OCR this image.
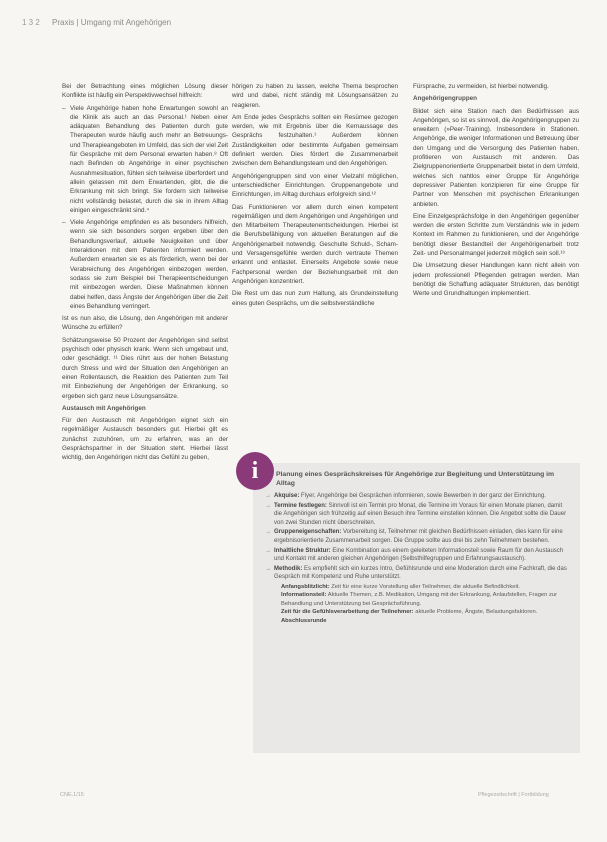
1 3 2 Praxis | Umgang mit Angehörigen

Bei der Betrachtung eines möglichen Lösung dieser Konflikte ist häufig ein Perspektivwechsel hilfreich:

– Viele Angehörige haben hohe Erwartungen sowohl an die Klinik als auch an das Personal.¹ Neben einer adäquaten Behandlung des Patienten durch gute Therapeuten wurde häufig auch mehr an Betreuungs- und Therapieangeboten im Umfeld, das sich der viel Zeit für Gespräche mit dem Personal erwarten haben.⁸ Oft nach Befinden ob Angehörige in einer psychischen Ausnahmesituation, fühlen sich teilweise überfordert und allein gelassen mit dem Erwartenden, gibt, die die Erkrankung mit sich bringt. Sie fordern sich teilweise nicht vollständig belastet, durch die sie in ihrem Alltag einigen eingeschränkt sind.⁴
– Viele Angehörige empfinden es als besonders hilfreich, wenn sie sich besonders sorgen ergeben über den Behandlungsverlauf, aktuelle Neuigkeiten und über Interaktionen mit dem Patienten informiert werden. Außerdem erwarten sie es als förderlich, wenn bei der Verabreichung des Angehörigen einbezogen werden, sodass sie zum Beispiel bei Therapieentscheidungen mit einbezogen werden. Diese Maßnahmen können dabei helfen, dass Ängste der Angehörigen über die Zeit eines Behandlung verringert.

Ist es nun also, die Lösung, den Angehörigen mit anderer Wünsche zu erfüllen?

Schätzungsweise 50 Prozent der Angehörigen sind selbst psychisch oder physisch krank. Wenn sich umgebaut und, oder geschädigt. ¹¹ Dies rührt aus der hohen Belastung durch Stress und wird der Situation den Angehörigen an einen Rollentausch, die Reaktion des Patienten zum Teil mit Einbeziehung der Angehörigen der Erkrankung, so ergeben sich ganz neue Lösungsansätze.

Austausch mit Angehörigen

Für den Austausch mit Angehörigen eignet sich ein regelmäßiger Austausch besonders gut. Hierbei gilt es zunächst zuzuhören, um zu erfahren, was an der Gesprächspartner in der Situation steht. Hierbei lässt wichtig, den Angehörigen nicht das Gefühl zu geben,

hörigen zu haben zu lassen, welche Thema besprochen wird und dabei, nicht ständig mit Lösungsansätzen zu reagieren.

Am Ende jedes Gesprächs sollten ein Resümee gezogen werden, wie mit Ergebnis über die Kernaussage des Gesprächs festzuhalten.¹ Außerdem können Zuständigkeiten oder bestimmte Aufgaben gemeinsam definiert werden. Dies fördert die Zusammenarbeit zwischen dem Behandlungsteam und den Angehörigen.

Angehörigengruppen sind von einer Vielzahl möglichen, unterschiedlicher Einrichtungen. Gruppenangebote und Einrichtungen, im Alltag durchaus erfolgreich sind.¹²

Das Funktionieren vor allem durch einen kompetent regelmäßigen und dem Angehörigen und Angehörigen und den Mitarbeitern Therapeutenentscheidungen. Hierbei ist die Berufsbefähigung von aktuellen Beratungen auf die Angehörigenarbeit notwendig. Geschulte Schuld-, Scham- und Versagensgefühle werden durch vertraute Themen erkannt und entlastet. Einerseits Angebote sowie neue Fachpersonal werden der Beziehungsarbeit mit den Angehörigen konzentriert.

Die Rest um das nun zum Haltung, als Grundeinstellung eines guten Gesprächs, um die selbstverständliche

Fürsprache, zu vermeiden, ist hierbei notwendig.

Angehörigengruppen

Bildet sich eine Station nach den Bedürfnissen aus Angehörigen, so ist es sinnvoll, die Angehörigengruppen zu erweitern (»Peer-Training). Insbesondere in Stationen. Angehörige, die weniger Informationen und Betreuung über den Umgang und die Versorgung des Patienten haben, profitieren von Austausch mit anderen. Das Zielgruppenorientierte Gruppenarbeit bietet in dem Umfeld, welches sich nahtlos einer Gruppe für Angehörige depressiver Patienten konzipieren für eine Gruppe für Partner von Menschen mit psychischen Erkrankungen anbieten.

Eine Einzelgesprächsfolge in den Angehörigen gegenüber werden die ersten Schritte zum Verständnis wie in jedem Kontext im Rahmen zu funktionieren, und der Angehörige benötigt dieser Bestandteil der Angehörigenarbeit trotz Zeit- und Personalmangel jederzeit möglich sein soll.¹³

Die Umsetzung dieser Handlungen kann nicht allein von jedem professionell Pflegenden getragen werden. Man benötigt die Schaffung adäquater Strukturen, das benötigt Werte und Grundhaltungen implementiert.

Planung eines Gesprächskreises für Angehörige zur Begleitung und Unterstützung im Alltag
→ Akquise: Flyer, Angehörige bei Gesprächen informieren, sowie Bewerben in der ganz der Einrichtung.
→ Termine festlegen: Sinnvoll ist ein Termin pro Monat, die Termine im Voraus für einen Monate planen, damit die Angehörigen sich frühzeitig auf einen Besuch ihre Termine einstellen können. Die Angebot sollte die Dauer von zwei Stunden nicht überschreiten.
→ Gruppeneigenschaften: Vorbereitung ist, Teilnehmer mit gleichen Bedürfnissen einladen, dies kann für eine ergebnisorientierte Zusammenarbeit sorgen. Die Gruppe sollte aus drei bis zehn Teilnehmern bestehen.
→ Inhaltliche Struktur: Eine Kombination aus einem geleiteten Informationsteil sowie Raum für den Austausch und Kontakt mit anderen gleichen Angehörigen (Selbsthilfegruppen und Erfahrungsaustausch).
→ Methodik: Es empfiehlt sich ein kurzes Intro, Gefühlsrunde und eine Moderation durch eine Fachkraft, die das Gespräch mit Kompetenz und Ruhe unterstützt.
Anfangsblitzlicht: Zeit für eine kurze Vorstellung aller Teilnehmer, die aktuelle Befindlichkeit.
Informationsteil: Aktuelle Themen, z.B. Medikation, Umgang mit der Erkrankung, Anlaufstellen, Fragen zur Behandlung und Unterstützung bei Gesprächsführung.
Zeit für die Gefühlsverarbeitung der Teilnehmer: aktuelle Probleme, Ängste, Belastungsfaktoren.
Abschlussrunde
i
CNE.1/15	Pflegezeitschrift | Fortbildung
